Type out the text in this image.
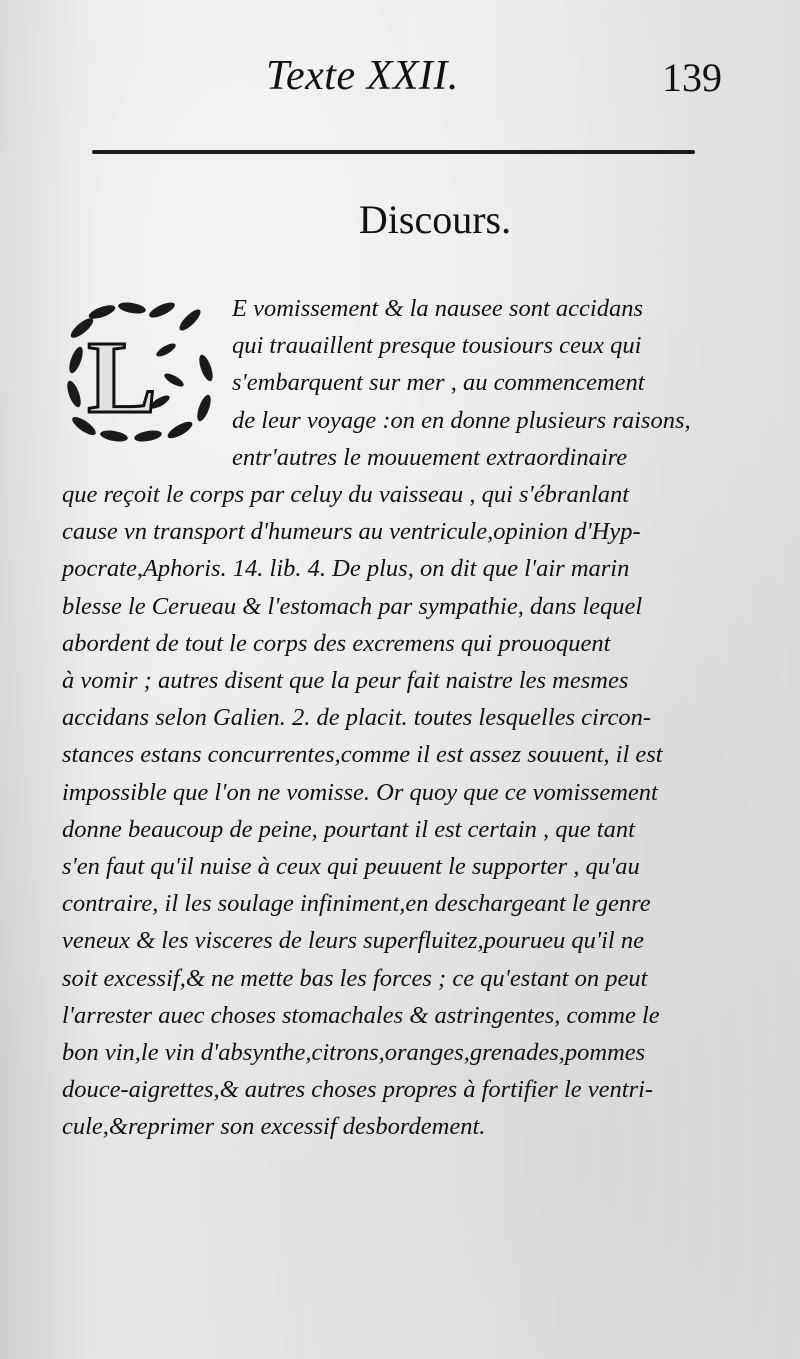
Texte XXII.	139
Discours.
L
E vomissement & la nausee sont accidans
qui trauaillent presque tousiours ceux qui
s'embarquent sur mer , au commencement
de leur voyage :on en donne plusieurs raisons,
entr'autres le mouuement extraordinaire
que reçoit le corps par celuy du vaisseau , qui s'ébranlant
cause vn transport d'humeurs au ventricule,opinion d'Hyp-
pocrate,Aphoris. 14. lib. 4. De plus, on dit que l'air marin
blesse le Cerueau & l'estomach par sympathie, dans lequel
abordent de tout le corps des excremens qui prouoquent
à vomir ; autres disent que la peur fait naistre les mesmes
accidans selon Galien. 2. de placit. toutes lesquelles circon-
stances estans concurrentes,comme il est assez souuent, il est
impossible que l'on ne vomisse. Or quoy que ce vomissement
donne beaucoup de peine, pourtant il est certain , que tant
s'en faut qu'il nuise à ceux qui peuuent le supporter , qu'au
contraire, il les soulage infiniment,en deschargeant le genre
veneux & les visceres de leurs superfluitez,pourueu qu'il ne
soit excessif,& ne mette bas les forces ; ce qu'estant on peut
l'arrester auec choses stomachales & astringentes, comme le
bon vin,le vin d'absynthe,citrons,oranges,grenades,pommes
douce-aigrettes,& autres choses propres à fortifier le ventri-
cule,&reprimer son excessif desbordement.
